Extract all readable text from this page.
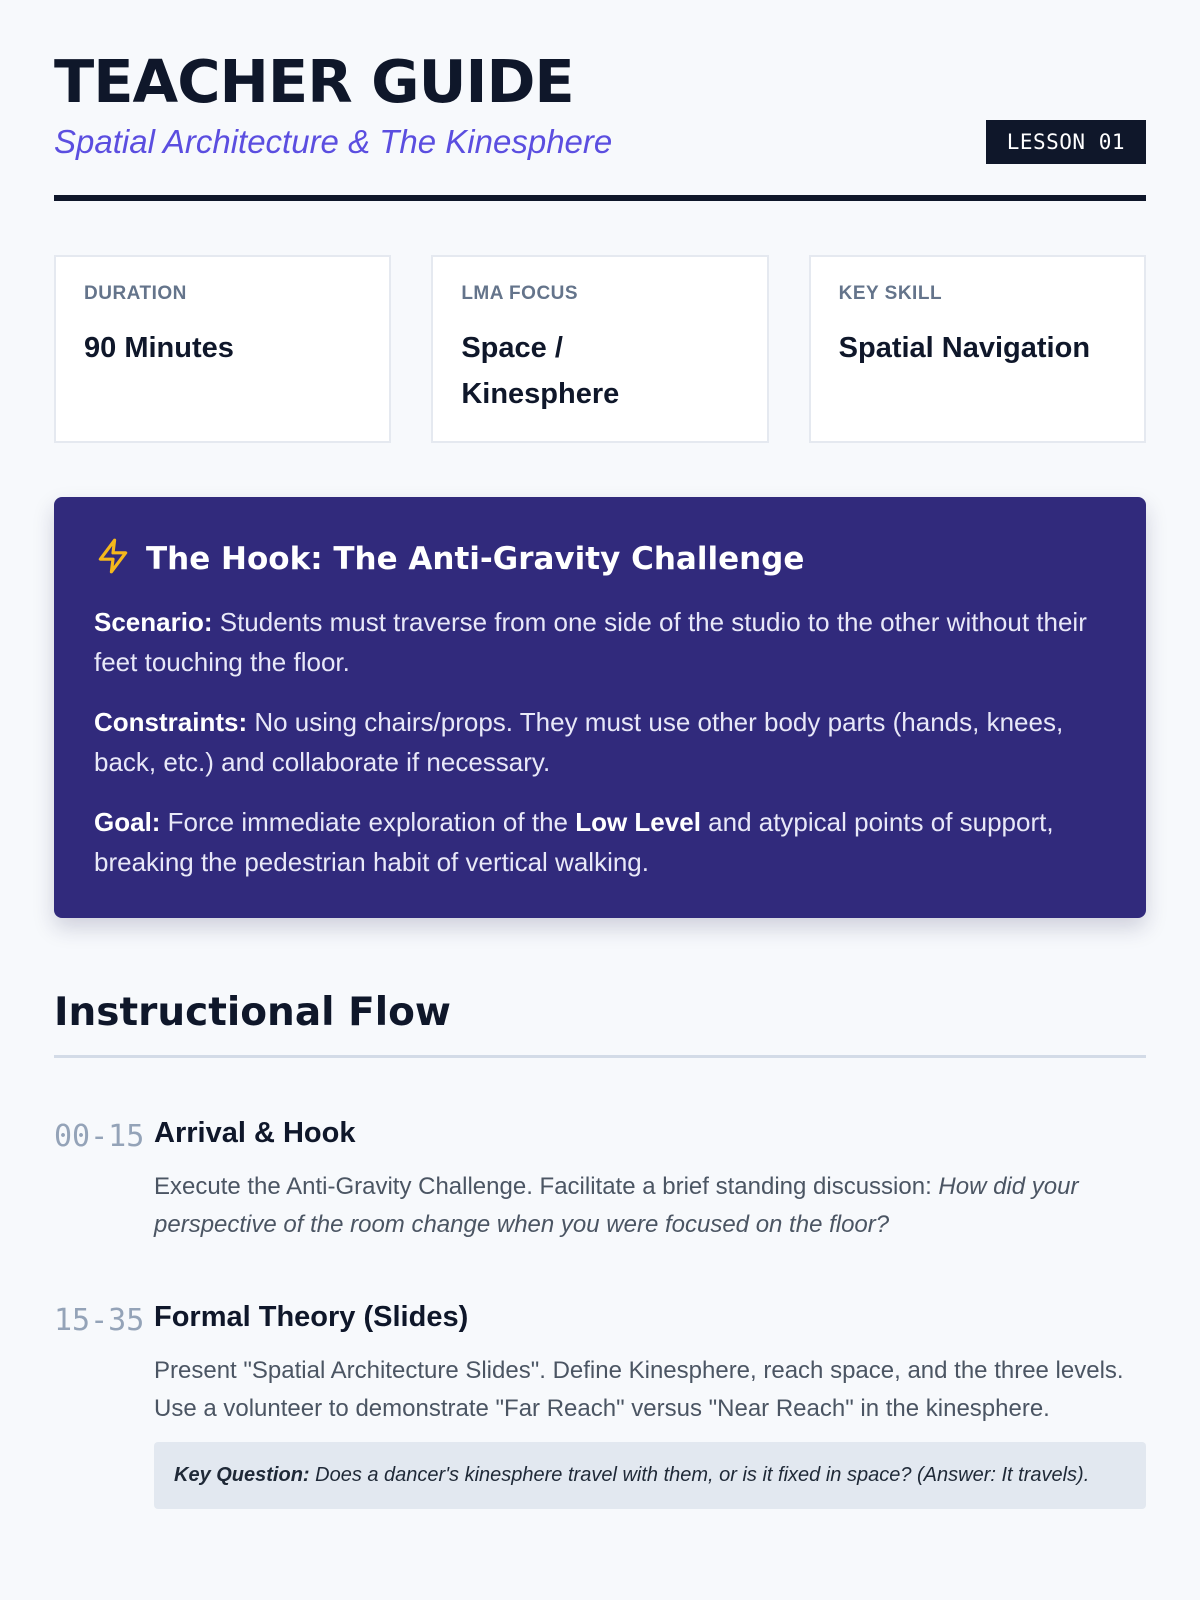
TEACHER GUIDE
Spatial Architecture & The Kinesphere	LESSON 01
DURATION
90 Minutes
LMA FOCUS
Space / Kinesphere
KEY SKILL
Spatial Navigation
The Hook: The Anti-Gravity Challenge

Scenario: Students must traverse from one side of the studio to the other without their feet touching the floor.

Constraints: No using chairs/props. They must use other body parts (hands, knees, back, etc.) and collaborate if necessary.

Goal: Force immediate exploration of the Low Level and atypical points of support, breaking the pedestrian habit of vertical walking.

Instructional Flow
00-15 Arrival & Hook
Execute the Anti-Gravity Challenge. Facilitate a brief standing discussion: How did your perspective of the room change when you were focused on the floor?
15-35 Formal Theory (Slides)
Present "Spatial Architecture Slides". Define Kinesphere, reach space, and the three levels. Use a volunteer to demonstrate "Far Reach" versus "Near Reach" in the kinesphere.
Key Question: Does a dancer's kinesphere travel with them, or is it fixed in space? (Answer: It travels).
